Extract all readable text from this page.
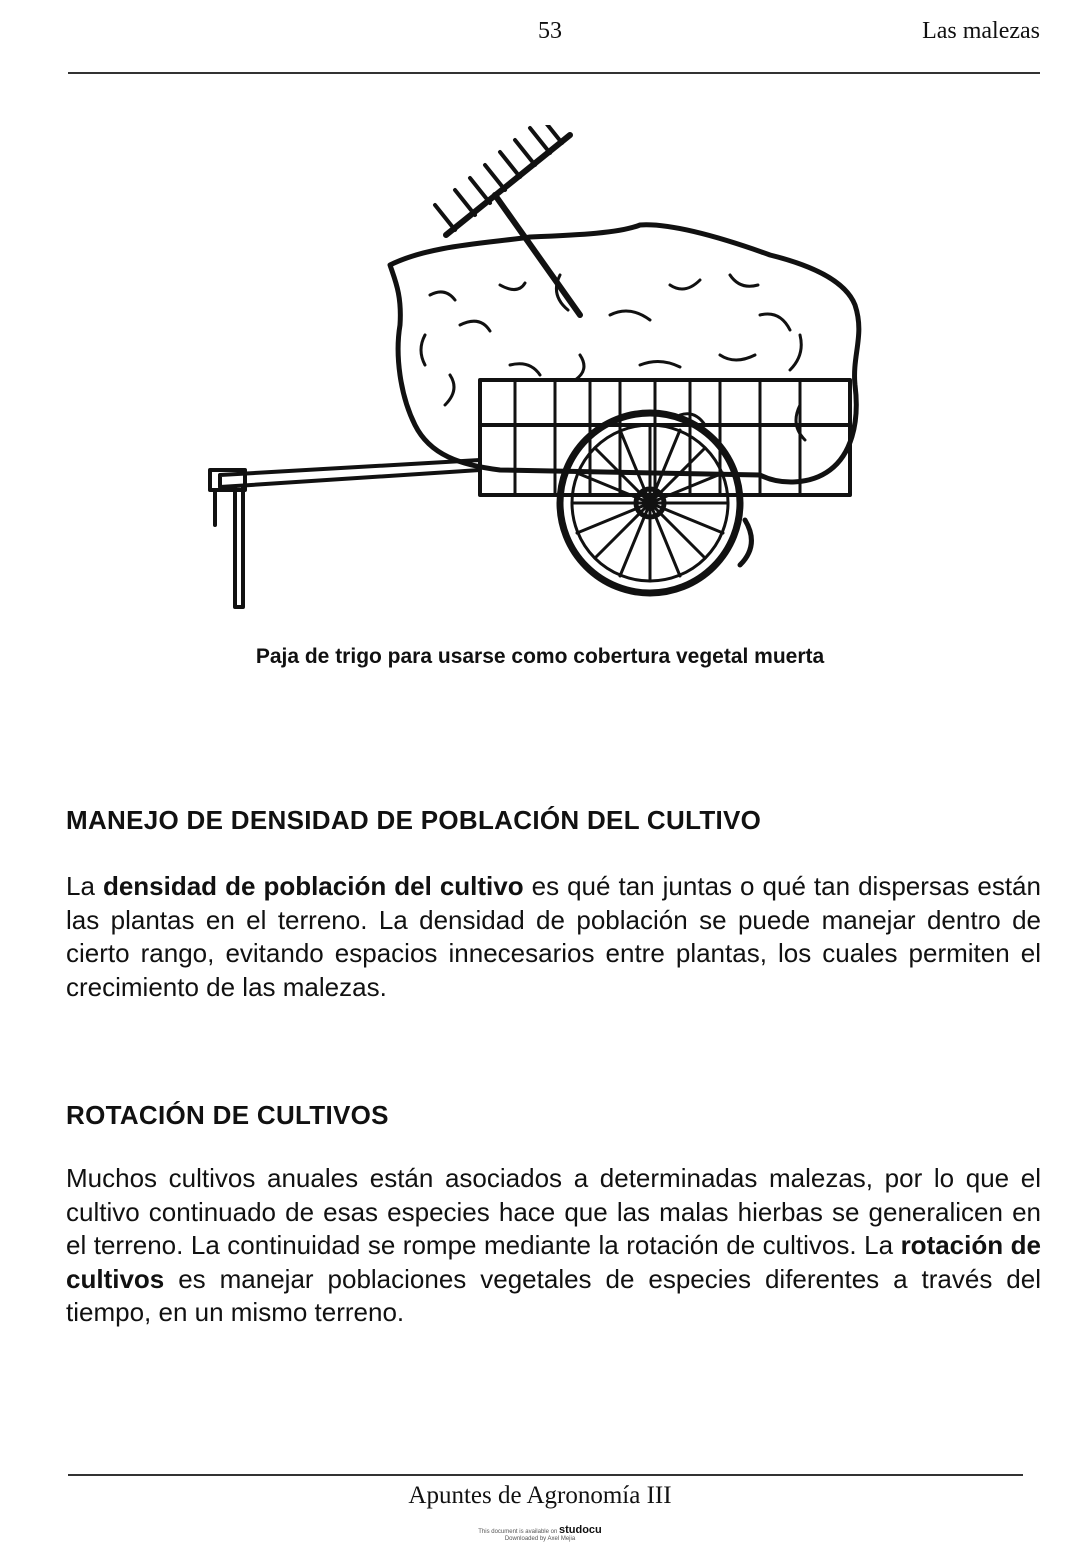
53	Las malezas
Paja de trigo para usarse como cobertura vegetal muerta
MANEJO DE DENSIDAD DE POBLACIÓN DEL CULTIVO
La densidad de población del cultivo es qué tan juntas o qué tan dispersas están las plantas en el terreno. La densidad de población se puede manejar dentro de cierto rango, evitando espacios innecesarios entre plantas, los cuales permiten el crecimiento de las malezas.
ROTACIÓN DE CULTIVOS
Muchos cultivos anuales están asociados a determinadas malezas, por lo que el cultivo continuado de esas especies hace que las malas hierbas se generalicen en el terreno. La continuidad se rompe mediante la rotación de cultivos. La rotación de cultivos es manejar poblaciones vegetales de especies diferentes a través del tiempo, en un mismo terreno.
Apuntes de Agronomía III
This document is available on studocu
Downloaded by Axel Mejia
